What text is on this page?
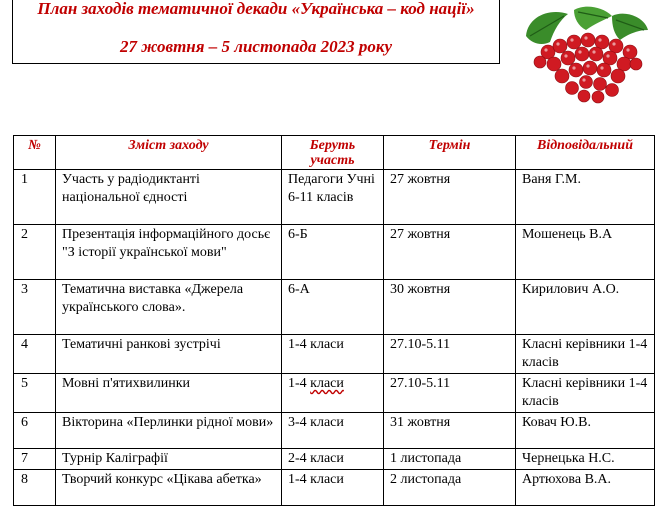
План заходів тематичної декади «Українська – код нації»
27 жовтня – 5 листопада 2023 року
№	Зміст заходу	Беруть участь	Термін	Відповідальний
1	Участь у радіодиктанті національної єдності	Педагоги Учні 6-11 класів	27 жовтня	Ваня Г.М.
2	Презентація інформаційного досьє "З історії української мови"	6-Б	27 жовтня	Мошенець В.А
3	Тематична виставка «Джерела українського слова».	6-А	30 жовтня	Кирилович А.О.
4	Тематичні ранкові зустрічі	1-4 класи	27.10-5.11	Класні керівники 1-4 класів
5	Мовні п'ятихвилинки	1-4 класи	27.10-5.11	Класні керівники 1-4 класів
6	Вікторина «Перлинки рідної мови»	3-4 класи	31 жовтня	Ковач Ю.В.
7	Турнір Каліграфії	2-4 класи	1 листопада	Чернецька Н.С.
8	Творчий конкурс «Цікава абетка»	1-4 класи	2 листопада	Артюхова В.А.
